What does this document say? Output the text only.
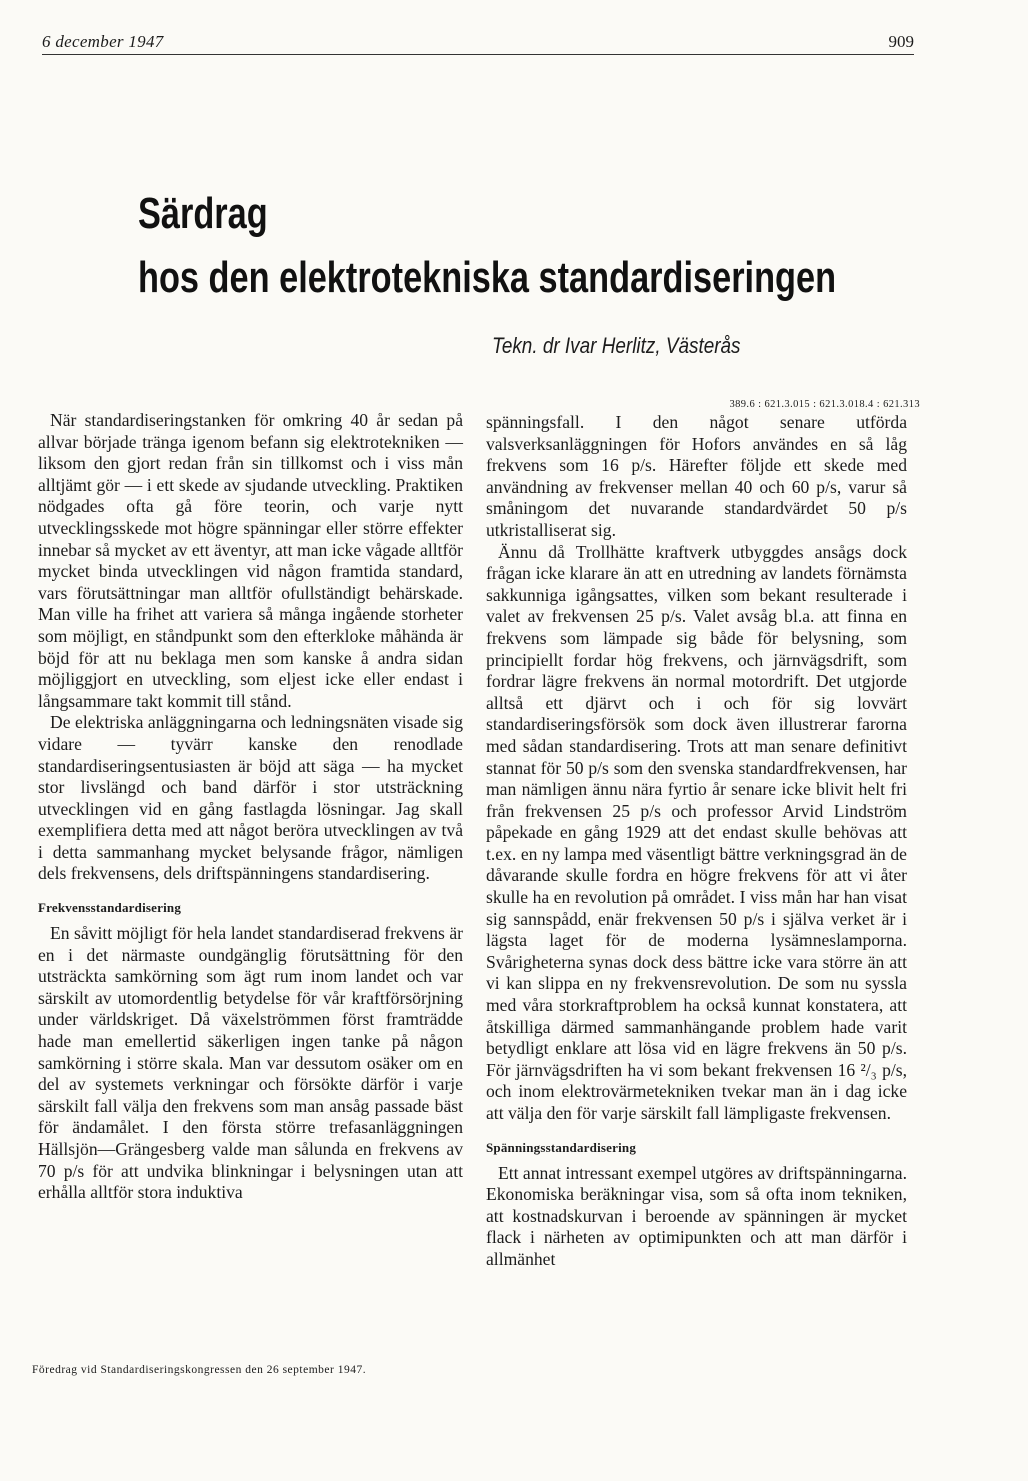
6 december 1947	909
Särdrag
hos den elektrotekniska standardiseringen
Tekn. dr Ivar Herlitz, Västerås
389.6 : 621.3.015 : 621.3.018.4 : 621.313

När standardiseringstanken för omkring 40 år sedan på allvar började tränga igenom befann sig elektrotekniken — liksom den gjort redan från sin tillkomst och i viss mån alltjämt gör — i ett skede av sjudande utveckling. Praktiken nödgades ofta gå före teorin, och varje nytt utvecklingsskede mot högre spänningar eller större effekter innebar så mycket av ett äventyr, att man icke vågade alltför mycket binda utvecklingen vid någon framtida standard, vars förutsättningar man alltför ofullständigt behärskade. Man ville ha frihet att variera så många ingående storheter som möjligt, en ståndpunkt som den efterkloke måhända är böjd för att nu beklaga men som kanske å andra sidan möjliggjort en utveckling, som eljest icke eller endast i långsammare takt kommit till stånd.

De elektriska anläggningarna och ledningsnäten visade sig vidare — tyvärr kanske den renodlade standardiseringsentusiasten är böjd att säga — ha mycket stor livslängd och band därför i stor utsträckning utvecklingen vid en gång fastlagda lösningar. Jag skall exemplifiera detta med att något beröra utvecklingen av två i detta sammanhang mycket belysande frågor, nämligen dels frekvensens, dels driftspänningens standardisering.

Frekvensstandardisering

En såvitt möjligt för hela landet standardiserad frekvens är en i det närmaste oundgänglig förutsättning för den utsträckta samkörning som ägt rum inom landet och var särskilt av utomordentlig betydelse för vår kraftförsörjning under världskriget. Då växelströmmen först framträdde hade man emellertid säkerligen ingen tanke på någon samkörning i större skala. Man var dessutom osäker om en del av systemets verkningar och försökte därför i varje särskilt fall välja den frekvens som man ansåg passade bäst för ändamålet. I den första större trefasanläggningen Hällsjön—Grängesberg valde man sålunda en frekvens av 70 p/s för att undvika blinkningar i belysningen utan att erhålla alltför stora induktiva

spänningsfall. I den något senare utförda valsverksanläggningen för Hofors användes en så låg frekvens som 16 p/s. Härefter följde ett skede med användning av frekvenser mellan 40 och 60 p/s, varur så småningom det nuvarande standardvärdet 50 p/s utkristalliserat sig.

Ännu då Trollhätte kraftverk utbyggdes ansågs dock frågan icke klarare än att en utredning av landets förnämsta sakkunniga igångsattes, vilken som bekant resulterade i valet av frekvensen 25 p/s. Valet avsåg bl.a. att finna en frekvens som lämpade sig både för belysning, som principiellt fordar hög frekvens, och järnvägsdrift, som fordrar lägre frekvens än normal motordrift. Det utgjorde alltså ett djärvt och i och för sig lovvärt standardiseringsförsök som dock även illustrerar farorna med sådan standardisering. Trots att man senare definitivt stannat för 50 p/s som den svenska standardfrekvensen, har man nämligen ännu nära fyrtio år senare icke blivit helt fri från frekvensen 25 p/s och professor Arvid Lindström påpekade en gång 1929 att det endast skulle behövas att t.ex. en ny lampa med väsentligt bättre verkningsgrad än de dåvarande skulle fordra en högre frekvens för att vi åter skulle ha en revolution på området. I viss mån har han visat sig sannspådd, enär frekvensen 50 p/s i själva verket är i lägsta laget för de moderna lysämneslamporna. Svårigheterna synas dock dess bättre icke vara större än att vi kan slippa en ny frekvensrevolution. De som nu syssla med våra storkraftproblem ha också kunnat konstatera, att åtskilliga därmed sammanhängande problem hade varit betydligt enklare att lösa vid en lägre frekvens än 50 p/s. För järnvägsdriften ha vi som bekant frekvensen 16 ²/₃ p/s, och inom elektrovärmetekniken tvekar man än i dag icke att välja den för varje särskilt fall lämpligaste frekvensen.

Spänningsstandardisering

Ett annat intressant exempel utgöres av driftspänningarna. Ekonomiska beräkningar visa, som så ofta inom tekniken, att kostnadskurvan i beroende av spänningen är mycket flack i närheten av optimipunkten och att man därför i allmänhet

Föredrag vid Standardiseringskongressen den 26 september 1947.
